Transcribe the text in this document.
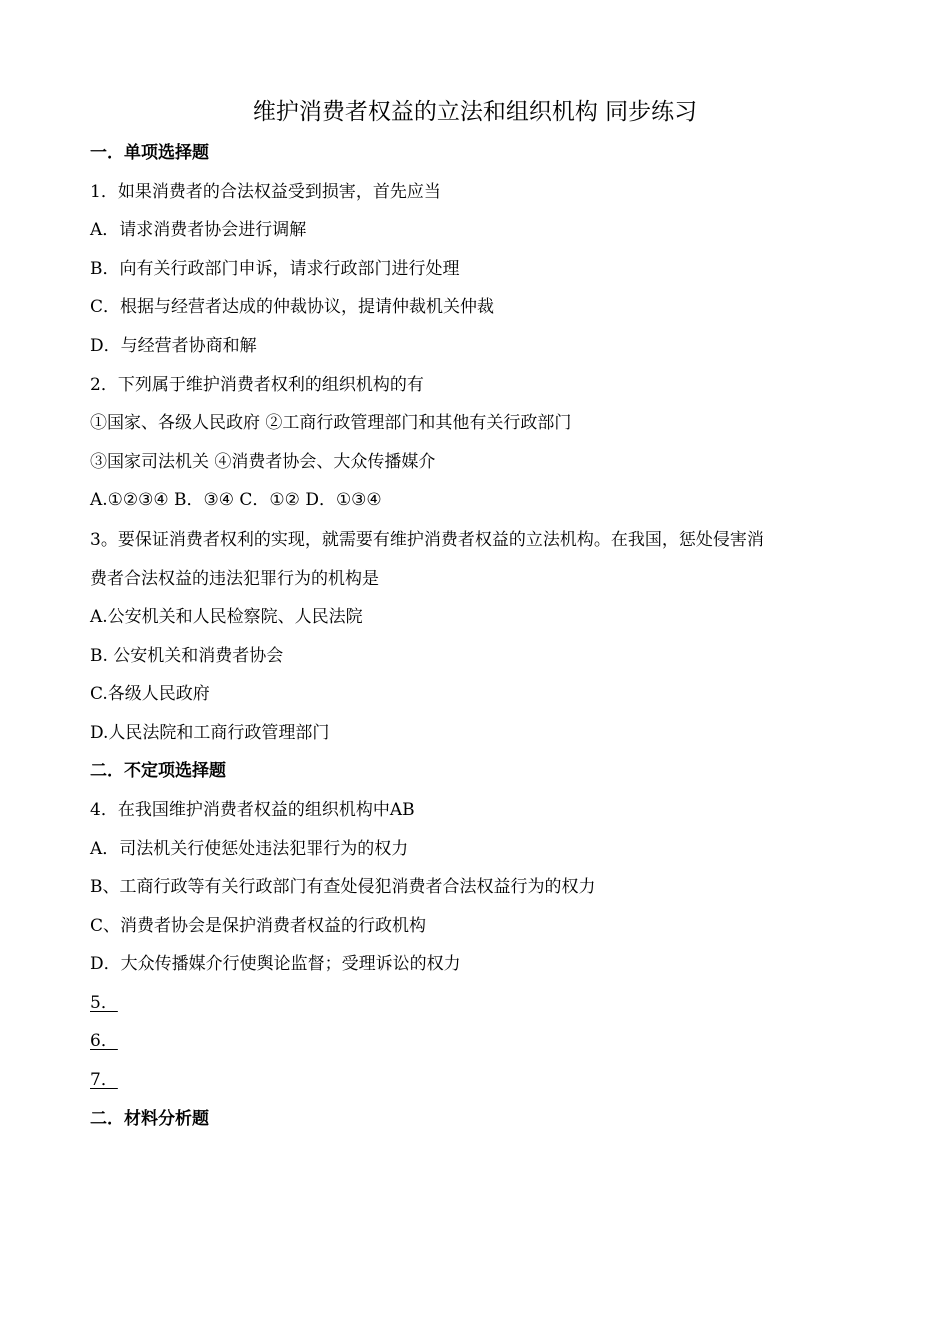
维护消费者权益的立法和组织机构 同步练习
一．单项选择题
1．如果消费者的合法权益受到损害，首先应当
A．请求消费者协会进行调解
B．向有关行政部门申诉，请求行政部门进行处理
C．根据与经营者达成的仲裁协议，提请仲裁机关仲裁
D．与经营者协商和解
2．下列属于维护消费者权利的组织机构的有
①国家、各级人民政府 ②工商行政管理部门和其他有关行政部门
③国家司法机关 ④消费者协会、大众传播媒介
A.①②③④ B．③④ C．①② D．①③④
3。要保证消费者权利的实现，就需要有维护消费者权益的立法机构。在我国，惩处侵害消
费者合法权益的违法犯罪行为的机构是
A.公安机关和人民检察院、人民法院
B. 公安机关和消费者协会
C.各级人民政府
D.人民法院和工商行政管理部门
二．不定项选择题
4．在我国维护消费者权益的组织机构中AB
A．司法机关行使惩处违法犯罪行为的权力
B、工商行政等有关行政部门有查处侵犯消费者合法权益行为的权力
C、消费者协会是保护消费者权益的行政机构
D．大众传播媒介行使舆论监督；受理诉讼的权力
5．
6．
7．
二．材料分析题
